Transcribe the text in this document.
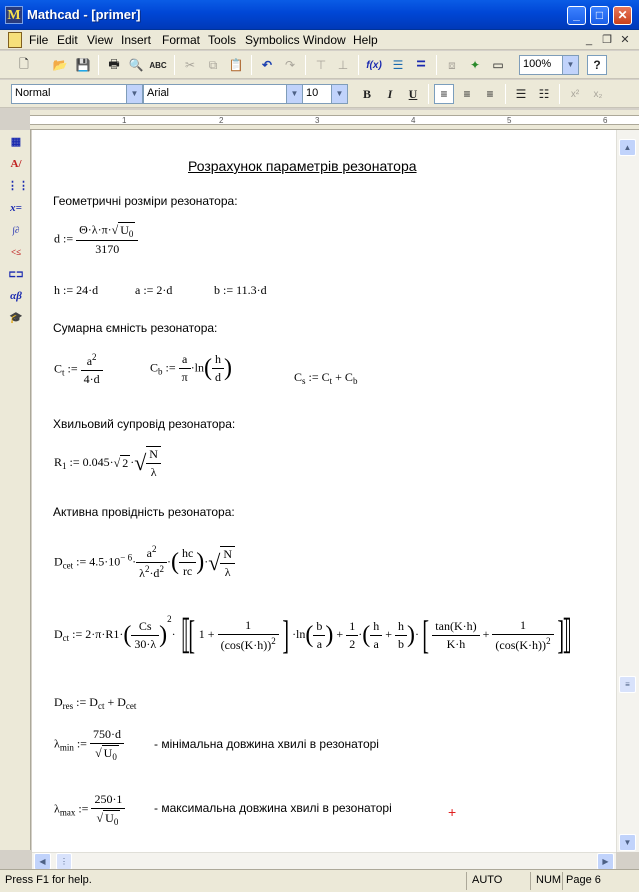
M Mathcad - [primer]	_	□	✕
File Edit View Insert Format Tools Symbolics Window Help	_ ❐ ✕
🗋	📂 💾	🖶 🔍 ABC	✂	⧉ 📋	↶	↷	⊤ ⊥	f(x) ☰ =	⧈	✦	▭	100%	▼	?
Normal	▼ Arial	▼ 10	▼	B	I	U	≡	≡	≡	☰	☷	x²	x₂
1	2	3	4	5	6
▦
A/
⋮⋮
x=
∫∂
<≤
⊏⊐
αβ
🎓
Розрахунок параметрів резонатора
Геометричні розміри резонатора:
d := $\frac{\Theta\cdot\lambda\cdot\pi\cdot√ U_0}{3170}$
h := 24·d	a := 2·d	b := 11.3·d
Сумарна ємність резонатора:
$C_t$ := $\frac{a^2}{4\cdot d}$	$C_b$ := $\frac{a}{\pi} \cdot\ln( \frac{h}{d}$ )	$C_s$ := $C_t + C_b$
Хвильовий супровід резонатора:
$R_1$ := 0.045·√ 2 ·√ $\frac{N}{\lambda}$
Активна провідність резонатора:
$D_{cet}$ := $4.5\cdot 10^{- 6}\cdot \frac{a^2}{\lambda^2\cdot d^2}$ ·( $\frac{hc}{rc}$ )·√ $\frac{N}{\lambda}$
$D_{ct}$ := $2\cdot\pi\cdot R1\cdot( \frac{Cs}{30\cdot\lambda} )^2\cdot$ ⟦[ $1 + \frac{1}{(\cos(K\cdot h))^2}$ ] $\cdot\ln( \frac{b}{a}$ ) + $\frac{1}{2}$ ·( $\frac{h}{a} + \frac{h}{b}$ )·[ $\frac{\tan(K\cdot h)}{K\cdot h} + \frac{1}{(\cos(K\cdot h))^2}$ ]⟧
$D_{res}$ := $D_{ct} + D_{cet}$
$\lambda_{min}$ := $\frac{750\cdot d}{√ U_0}$	- мінімальна довжина хвилі в резонаторі
$\lambda_{max}$ := $\frac{250\cdot 1}{√ U_0}$ - максимальна довжина хвилі в резонаторі	+
▲
≡
▼
◀	⋮	▶
Press F1 for help.	AUTO	NUM Page 6
